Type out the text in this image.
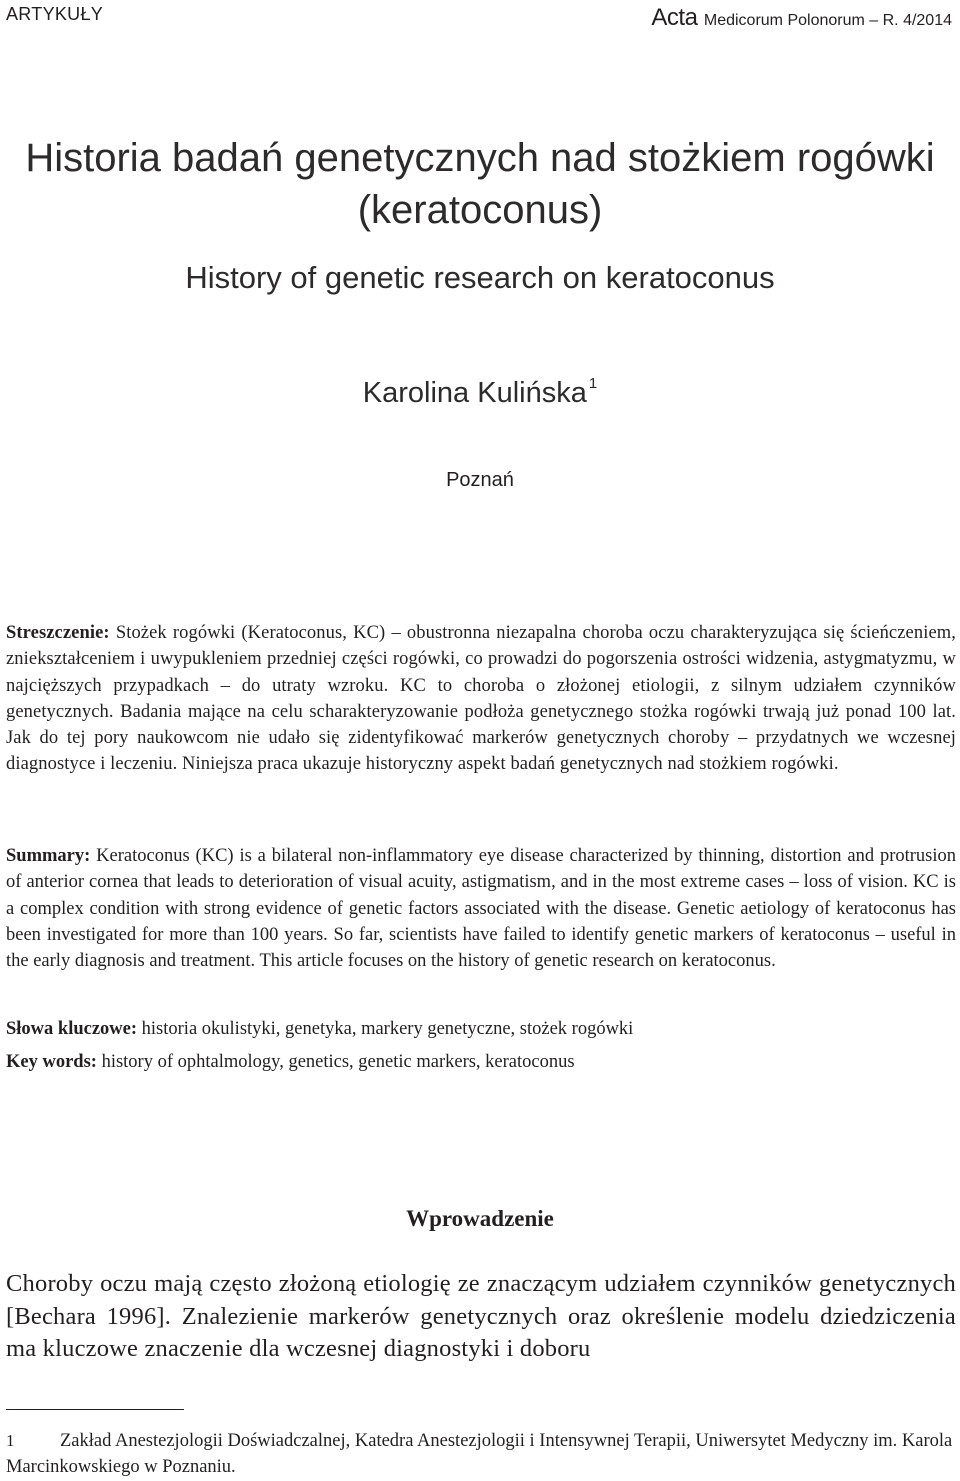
ARTYKUŁY	Acta Medicorum Polonorum – R. 4/2014
Historia badań genetycznych nad stożkiem rogówki
(keratoconus)
History of genetic research on keratoconus
Karolina Kulińska $^1$
Poznań

Streszczenie: Stożek rogówki (Keratoconus, KC) – obustronna niezapalna choroba oczu charakteryzująca się ścieńczeniem, zniekształceniem i uwypukleniem przedniej części rogówki, co prowadzi do pogorszenia ostrości widzenia, astygmatyzmu, w najcięższych przypadkach – do utraty wzroku. KC to choroba o złożonej etiologii, z silnym udziałem czynników genetycznych. Badania mające na celu scharakteryzowanie podłoża genetycznego stożka rogówki trwają już ponad 100 lat. Jak do tej pory naukowcom nie udało się zidentyfikować markerów genetycznych choroby – przydatnych we wczesnej diagnostyce i leczeniu. Niniejsza praca ukazuje historyczny aspekt badań genetycznych nad stożkiem rogówki.

Summary: Keratoconus (KC) is a bilateral non-inflammatory eye disease characterized by thinning, distortion and protrusion of anterior cornea that leads to deterioration of visual acuity, astigmatism, and in the most extreme cases – loss of vision. KC is a complex condition with strong evidence of genetic factors associated with the disease. Genetic aetiology of keratoconus has been investigated for more than 100 years. So far, scientists have failed to identify genetic markers of keratoconus – useful in the early diagnosis and treatment. This article focuses on the history of genetic research on keratoconus.

Słowa kluczowe: historia okulistyki, genetyka, markery genetyczne, stożek rogówki

Key words: history of ophtalmology, genetics, genetic markers, keratoconus

Wprowadzenie

Choroby oczu mają często złożoną etiologię ze znaczącym udziałem czynników genetycznych [Bechara 1996]. Znalezienie markerów genetycznych oraz określenie modelu dziedziczenia ma kluczowe znaczenie dla wczesnej diagnostyki i doboru

1 Zakład Anestezjologii Doświadczalnej, Katedra Anestezjologii i Intensywnej Terapii, Uniwersytet Medyczny im. Karola Marcinkowskiego w Poznaniu.
